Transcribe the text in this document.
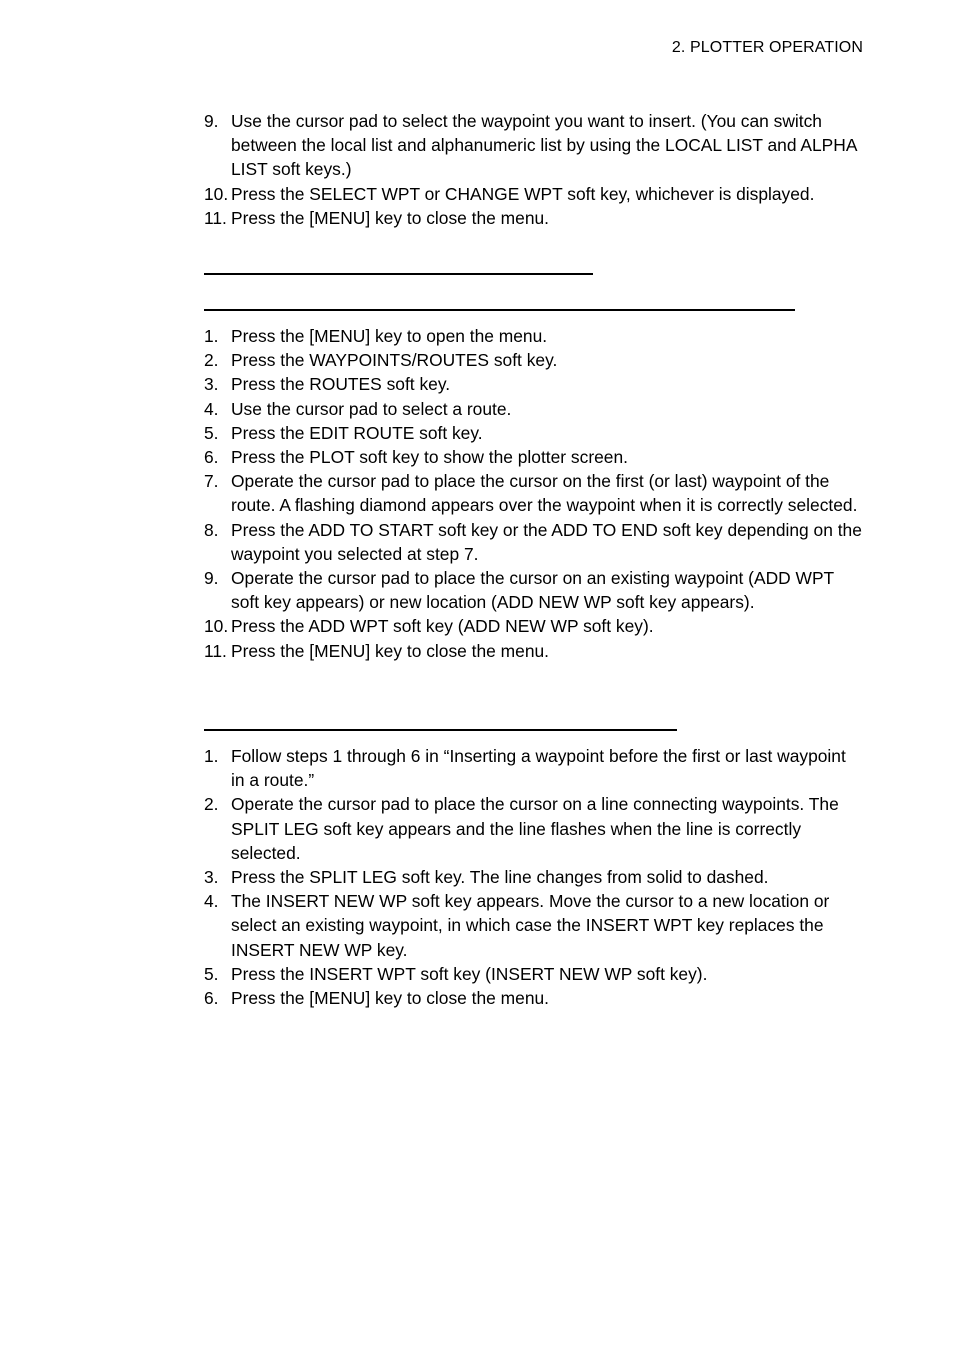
2. PLOTTER OPERATION
9. Use the cursor pad to select the waypoint you want to insert. (You can switch between the local list and alphanumeric list by using the LOCAL LIST and ALPHA LIST soft keys.)
10. Press the SELECT WPT or CHANGE WPT soft key, whichever is displayed.
11. Press the [MENU] key to close the menu.
1. Press the [MENU] key to open the menu.
2. Press the WAYPOINTS/ROUTES soft key.
3. Press the ROUTES soft key.
4. Use the cursor pad to select a route.
5. Press the EDIT ROUTE soft key.
6. Press the PLOT soft key to show the plotter screen.
7. Operate the cursor pad to place the cursor on the first (or last) waypoint of the route. A flashing diamond appears over the waypoint when it is correctly selected.
8. Press the ADD TO START soft key or the ADD TO END soft key depending on the waypoint you selected at step 7.
9. Operate the cursor pad to place the cursor on an existing waypoint (ADD WPT soft key appears) or new location (ADD NEW WP soft key appears).
10. Press the ADD WPT soft key (ADD NEW WP soft key).
11. Press the [MENU] key to close the menu.
1. Follow steps 1 through 6 in “Inserting a waypoint before the first or last waypoint in a route.”
2. Operate the cursor pad to place the cursor on a line connecting waypoints. The SPLIT LEG soft key appears and the line flashes when the line is correctly selected.
3. Press the SPLIT LEG soft key. The line changes from solid to dashed.
4. The INSERT NEW WP soft key appears. Move the cursor to a new location or select an existing waypoint, in which case the INSERT WPT key replaces the INSERT NEW WP key.
5. Press the INSERT WPT soft key (INSERT NEW WP soft key).
6. Press the [MENU] key to close the menu.
